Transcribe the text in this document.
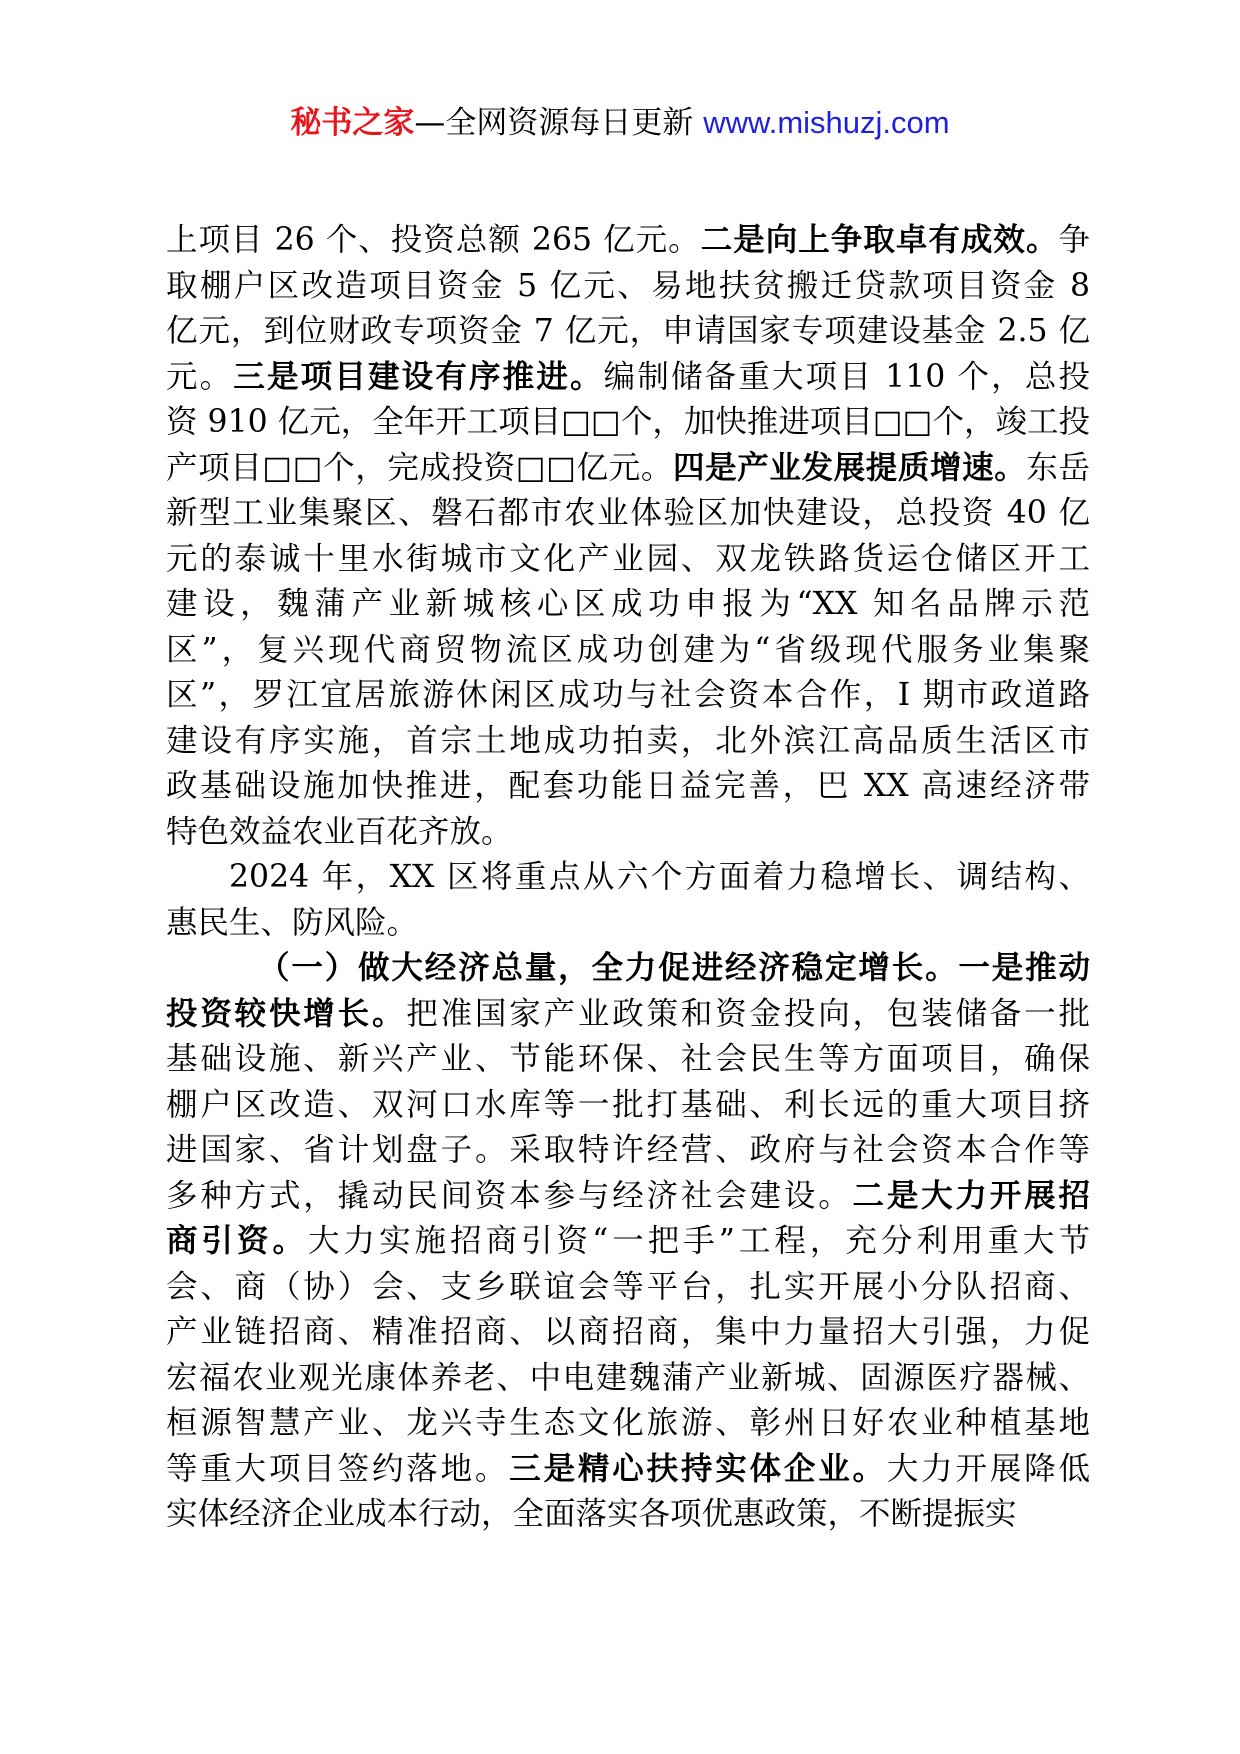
秘书之家—全网资源每日更新 www.mishuzj.com
上项目 26 个、投资总额 265 亿元。二是向上争取卓有成效。争
取棚户区改造项目资金 5 亿元、易地扶贫搬迁贷款项目资金 8
亿元，到位财政专项资金 7 亿元，申请国家专项建设基金 2.5 亿
元。三是项目建设有序推进。编制储备重大项目 110 个，总投
资 910 亿元，全年开工项目□□个，加快推进项目□□个，竣工投
产项目□□个，完成投资□□亿元。四是产业发展提质增速。东岳
新型工业集聚区、磐石都市农业体验区加快建设，总投资 40 亿
元的泰诚十里水街城市文化产业园、双龙铁路货运仓储区开工
建设，魏蒲产业新城核心区成功申报为“XX 知名品牌示范
区”，复兴现代商贸物流区成功创建为“省级现代服务业集聚
区”，罗江宜居旅游休闲区成功与社会资本合作，I 期市政道路
建设有序实施，首宗土地成功拍卖，北外滨江高品质生活区市
政基础设施加快推进，配套功能日益完善，巴 XX 高速经济带
特色效益农业百花齐放。
2024 年，XX 区将重点从六个方面着力稳增长、调结构、
惠民生、防风险。
（一）做大经济总量，全力促进经济稳定增长。一是推动
投资较快增长。把准国家产业政策和资金投向，包装储备一批
基础设施、新兴产业、节能环保、社会民生等方面项目，确保
棚户区改造、双河口水库等一批打基础、利长远的重大项目挤
进国家、省计划盘子。采取特许经营、政府与社会资本合作等
多种方式，撬动民间资本参与经济社会建设。二是大力开展招
商引资。大力实施招商引资“一把手”工程，充分利用重大节
会、商（协）会、支乡联谊会等平台，扎实开展小分队招商、
产业链招商、精准招商、以商招商，集中力量招大引强，力促
宏福农业观光康体养老、中电建魏蒲产业新城、固源医疗器械、
桓源智慧产业、龙兴寺生态文化旅游、彰州日好农业种植基地
等重大项目签约落地。三是精心扶持实体企业。大力开展降低
实体经济企业成本行动，全面落实各项优惠政策，不断提振实
